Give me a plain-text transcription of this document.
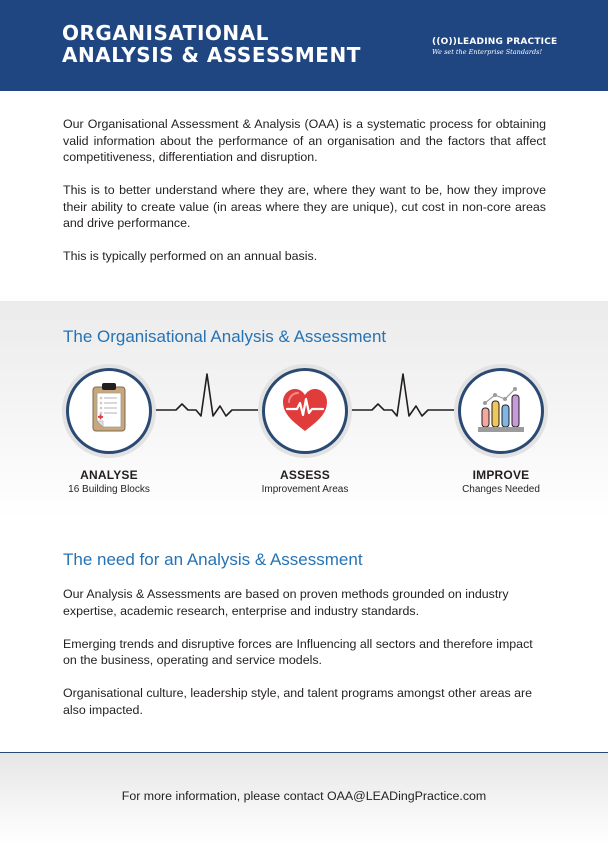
ORGANISATIONAL
ANALYSIS & ASSESSMENT
((O))LEADING PRACTICE
We set the Enterprise Standards!

Our Organisational Assessment & Analysis (OAA) is a systematic process for obtaining valid information about the performance of an organisation and the factors that affect competitiveness, differentiation and disruption.

This is to better understand where they are, where they want to be, how they improve their ability to create value (in areas where they are unique), cut cost in non-core areas and drive performance.

This is typically performed on an annual basis.

The Organisational Analysis & Assessment
ANALYSE
16 Building Blocks
ASSESS
Improvement Areas
IMPROVE
Changes Needed
The need for an Analysis & Assessment

Our Analysis & Assessments are based on proven methods grounded on industry expertise, academic research, enterprise and industry standards.

Emerging trends and disruptive forces are Influencing all sectors and therefore impact on the business, operating and service models.

Organisational culture, leadership style, and talent programs amongst other areas are also impacted.

For more information, please contact OAA@LEADingPractice.com
